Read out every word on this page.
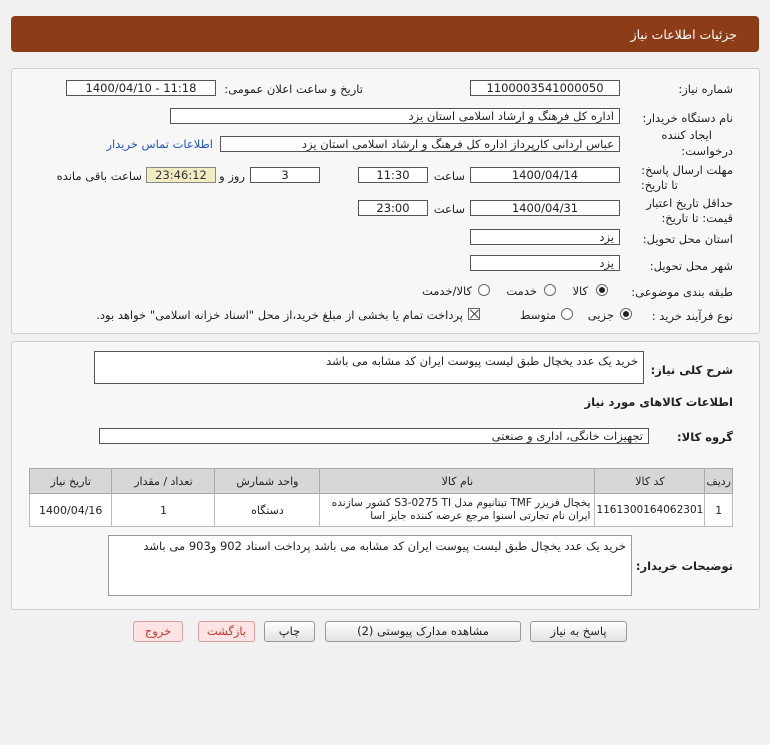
جزئیات اطلاعات نیاز
شماره نیاز:
1100003541000050
تاریخ و ساعت اعلان عمومی:
1400/04/10 - 11:18
نام دستگاه خریدار:
اداره کل فرهنگ و ارشاد اسلامی استان یزد
ایجاد کننده
درخواست:
عباس اردانی کارپرداز اداره کل فرهنگ و ارشاد اسلامی استان یزد
اطلاعات تماس خریدار
مهلت ارسال پاسخ:
تا تاریخ:
1400/04/14
ساعت
11:30
3
روز و
23:46:12
ساعت باقی مانده
حداقل تاریخ اعتبار
قیمت: تا تاریخ:
1400/04/31
ساعت
23:00
استان محل تحویل:
یزد
شهر محل تحویل:
یزد
طبقه بندی موضوعی:
کالا
خدمت
کالا/خدمت
نوع فرآیند خرید :
جزیی
متوسط
پرداخت تمام یا بخشی از مبلغ خرید،از محل "اسناد خزانه اسلامی" خواهد بود.
شرح کلی نیاز:
خرید یک عدد یخچال طبق لیست پیوست ایران کد مشابه می باشد
اطلاعات کالاهای مورد نیاز
گروه کالا:
تجهیزات خانگی، اداری و صنعتی
ردیف	کد کالا	نام کالا	واحد شمارش	تعداد / مقدار	تاریخ نیاز
1	1161300164062301	یخچال فریزر TMF تیتانیوم مدل S3-0275 TI کشور سازنده
ایران نام تجارتی اسنوا مرجع عرضه کننده جایز اسا	دستگاه	1	1400/04/16
توضیحات خریدار:
خرید یک عدد یخچال طبق لیست پیوست ایران کد مشابه می باشد پرداخت اسناد 902 و903 می باشد
پاسخ به نیاز
مشاهده مدارک پیوستی (2)
چاپ
بازگشت
خروج
